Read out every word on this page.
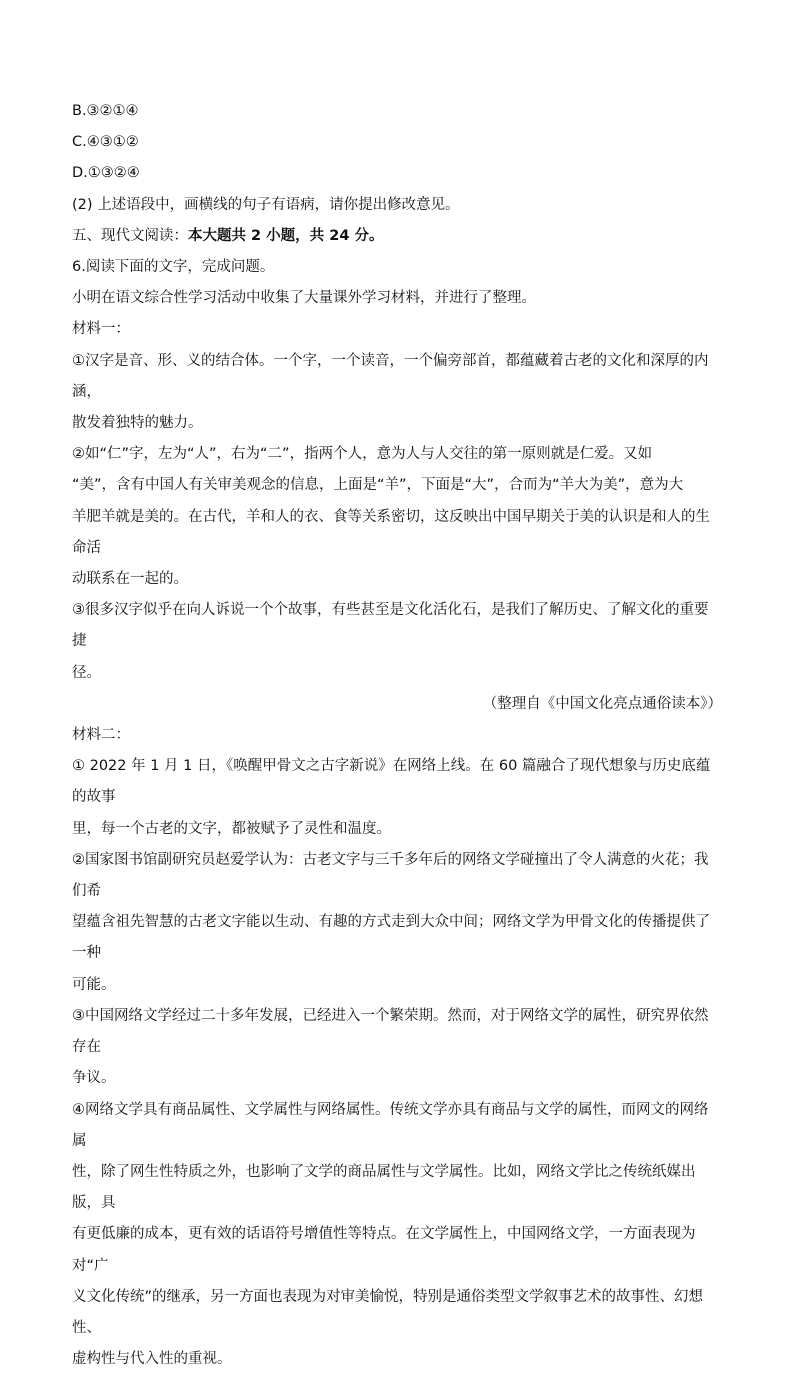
B.③②①④
C.④③①②
D.①③②④
(2) 上述语段中，画横线的句子有语病，请你提出修改意见。
五、现代文阅读：本大题共 2 小题，共 24 分。
6.阅读下面的文字，完成问题。
小明在语文综合性学习活动中收集了大量课外学习材料，并进行了整理。
材料一：
①汉字是音、形、义的结合体。一个字，一个读音，一个偏旁部首，都蕴藏着古老的文化和深厚的内涵，
散发着独特的魅力。
②如“仁”字，左为“人”，右为“二”，指两个人，意为人与人交往的第一原则就是仁爱。又如
“美”，含有中国人有关审美观念的信息，上面是“羊”，下面是“大”，合而为“羊大为美”，意为大
羊肥羊就是美的。在古代，羊和人的衣、食等关系密切，这反映出中国早期关于美的认识是和人的生命活
动联系在一起的。
③很多汉字似乎在向人诉说一个个故事，有些甚至是文化活化石，是我们了解历史、了解文化的重要捷
径。
（整理自《中国文化亮点通俗读本》）
材料二：
① 2022 年 1 月 1 日，《唤醒甲骨文之古字新说》在网络上线。在 60 篇融合了现代想象与历史底蕴的故事
里，每一个古老的文字，都被赋予了灵性和温度。
②国家图书馆副研究员赵爱学认为：古老文字与三千多年后的网络文学碰撞出了令人满意的火花；我们希
望蕴含祖先智慧的古老文字能以生动、有趣的方式走到大众中间；网络文学为甲骨文化的传播提供了一种
可能。
③中国网络文学经过二十多年发展，已经进入一个繁荣期。然而，对于网络文学的属性，研究界依然存在
争议。
④网络文学具有商品属性、文学属性与网络属性。传统文学亦具有商品与文学的属性，而网文的网络属
性，除了网生性特质之外，也影响了文学的商品属性与文学属性。比如，网络文学比之传统纸媒出版，具
有更低廉的成本，更有效的话语符号增值性等特点。在文学属性上，中国网络文学，一方面表现为对“广
义文化传统”的继承，另一方面也表现为对审美愉悦，特别是通俗类型文学叙事艺术的故事性、幻想性、
虚构性与代入性的重视。
